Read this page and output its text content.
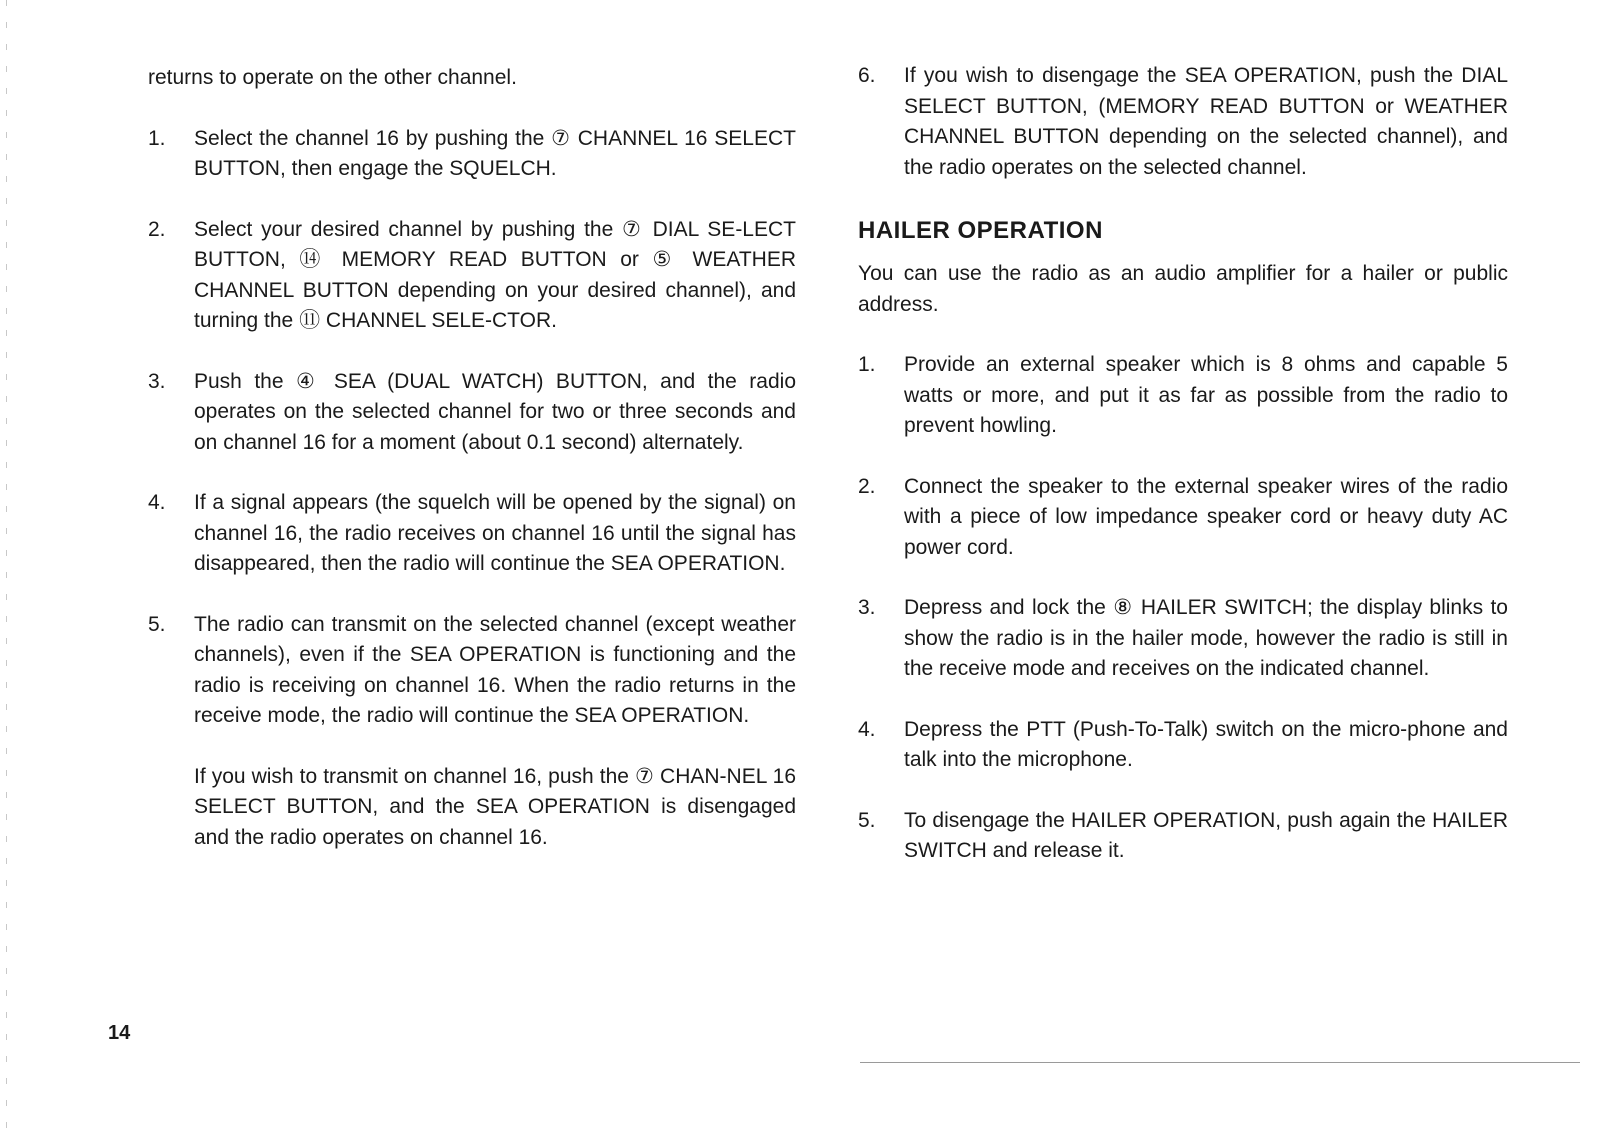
returns to operate on the other channel.

1.	Select the channel 16 by pushing the ⑦ CHANNEL 16 SELECT BUTTON, then engage the SQUELCH.
2.	Select your desired channel by pushing the ⑦ DIAL SE-LECT BUTTON, ⑭ MEMORY READ BUTTON or ⑤ WEATHER CHANNEL BUTTON depending on your desired channel), and turning the ⑪ CHANNEL SELE-CTOR.
3.	Push the ④ SEA (DUAL WATCH) BUTTON, and the radio operates on the selected channel for two or three seconds and on channel 16 for a moment (about 0.1 second) alternately.
4.	If a signal appears (the squelch will be opened by the signal) on channel 16, the radio receives on channel 16 until the signal has disappeared, then the radio will continue the SEA OPERATION.
5.	The radio can transmit on the selected channel (except weather channels), even if the SEA OPERATION is functioning and the radio is receiving on channel 16. When the radio returns in the receive mode, the radio will continue the SEA OPERATION.

If you wish to transmit on channel 16, push the ⑦ CHAN-NEL 16 SELECT BUTTON, and the SEA OPERATION is disengaged and the radio operates on channel 16.

6.	If you wish to disengage the SEA OPERATION, push the DIAL SELECT BUTTON, (MEMORY READ BUTTON or WEATHER CHANNEL BUTTON depending on the selected channel), and the radio operates on the selected channel.
HAILER OPERATION

You can use the radio as an audio amplifier for a hailer or public address.

1.	Provide an external speaker which is 8 ohms and capable 5 watts or more, and put it as far as possible from the radio to prevent howling.
2.	Connect the speaker to the external speaker wires of the radio with a piece of low impedance speaker cord or heavy duty AC power cord.
3.	Depress and lock the ⑧ HAILER SWITCH; the display blinks to show the radio is in the hailer mode, however the radio is still in the receive mode and receives on the indicated channel.
4.	Depress the PTT (Push-To-Talk) switch on the micro-phone and talk into the microphone.
5.	To disengage the HAILER OPERATION, push again the HAILER SWITCH and release it.
14
